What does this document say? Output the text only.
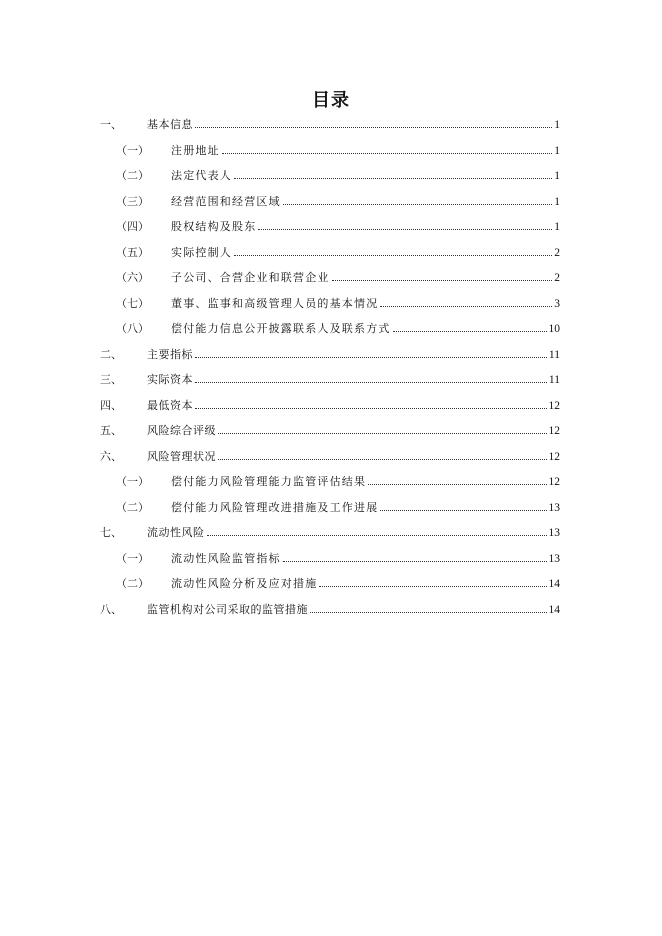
目录
一、 基本信息	1
（一） 注册地址	1
（二） 法定代表人	1
（三） 经营范围和经营区域	1
（四） 股权结构及股东	1
（五） 实际控制人	2
（六） 子公司、合营企业和联营企业	2
（七） 董事、监事和高级管理人员的基本情况	3
（八） 偿付能力信息公开披露联系人及联系方式	10
二、 主要指标	11
三、 实际资本	11
四、 最低资本	12
五、 风险综合评级	12
六、 风险管理状况	12
（一） 偿付能力风险管理能力监管评估结果	12
（二） 偿付能力风险管理改进措施及工作进展	13
七、 流动性风险	13
（一） 流动性风险监管指标	13
（二） 流动性风险分析及应对措施	14
八、 监管机构对公司采取的监管措施	14
